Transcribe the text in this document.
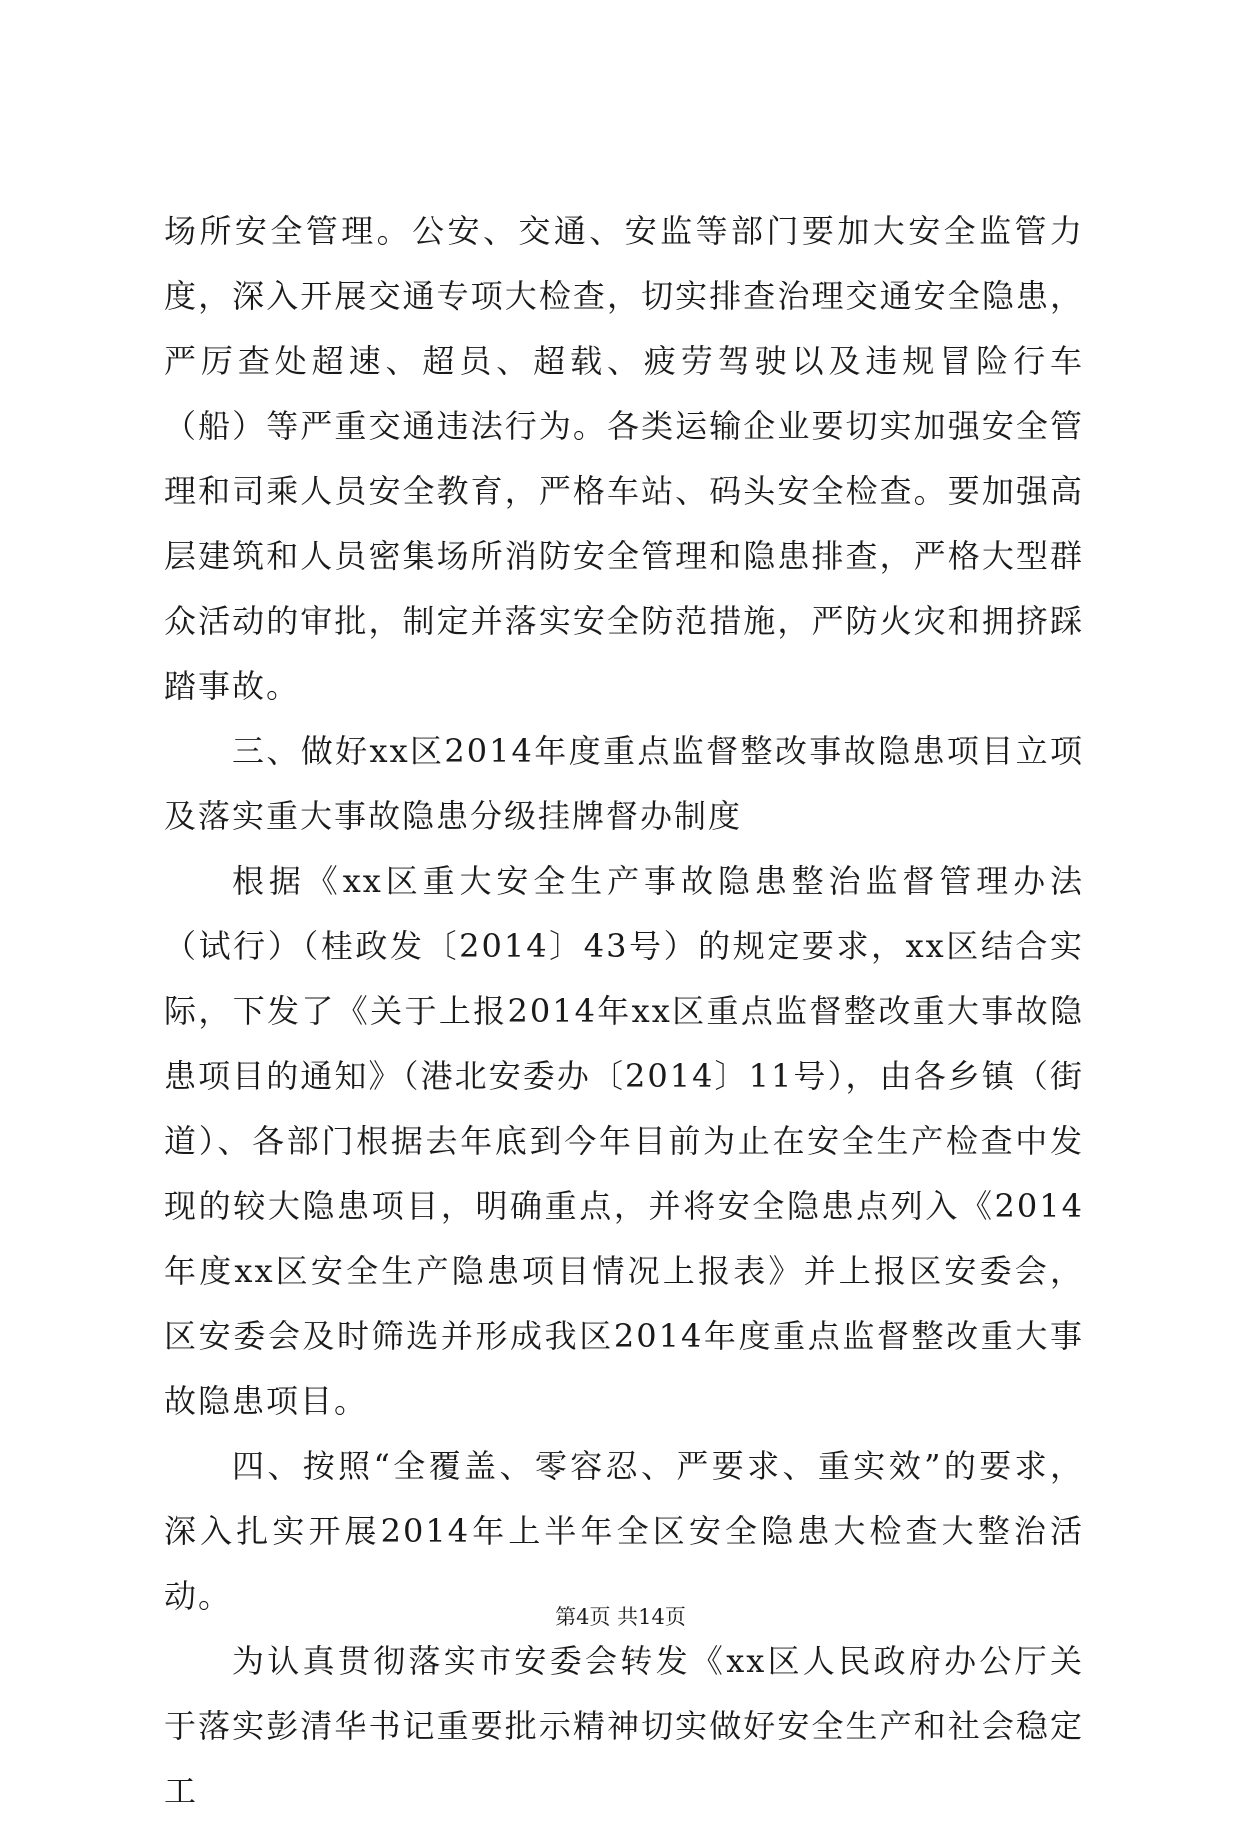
场所安全管理。公安、交通、安监等部门要加大安全监管力度，深入开展交通专项大检查，切实排查治理交通安全隐患，严厉查处超速、超员、超载、疲劳驾驶以及违规冒险行车（船）等严重交通违法行为。各类运输企业要切实加强安全管理和司乘人员安全教育，严格车站、码头安全检查。要加强高层建筑和人员密集场所消防安全管理和隐患排查，严格大型群众活动的审批，制定并落实安全防范措施，严防火灾和拥挤踩踏事故。

三、做好xx区2014年度重点监督整改事故隐患项目立项及落实重大事故隐患分级挂牌督办制度

根据《xx区重大安全生产事故隐患整治监督管理办法（试行）（桂政发〔2014〕43号）的规定要求，xx区结合实际，下发了《关于上报2014年xx区重点监督整改重大事故隐患项目的通知》（港北安委办〔2014〕11号），由各乡镇（街道）、各部门根据去年底到今年目前为止在安全生产检查中发现的较大隐患项目，明确重点，并将安全隐患点列入《2014年度xx区安全生产隐患项目情况上报表》并上报区安委会，区安委会及时筛选并形成我区2014年度重点监督整改重大事故隐患项目。

四、按照“全覆盖、零容忍、严要求、重实效”的要求，深入扎实开展2014年上半年全区安全隐患大检查大整治活动。

为认真贯彻落实市安委会转发《xx区人民政府办公厅关于落实彭清华书记重要批示精神切实做好安全生产和社会稳定工

第4页 共14页
